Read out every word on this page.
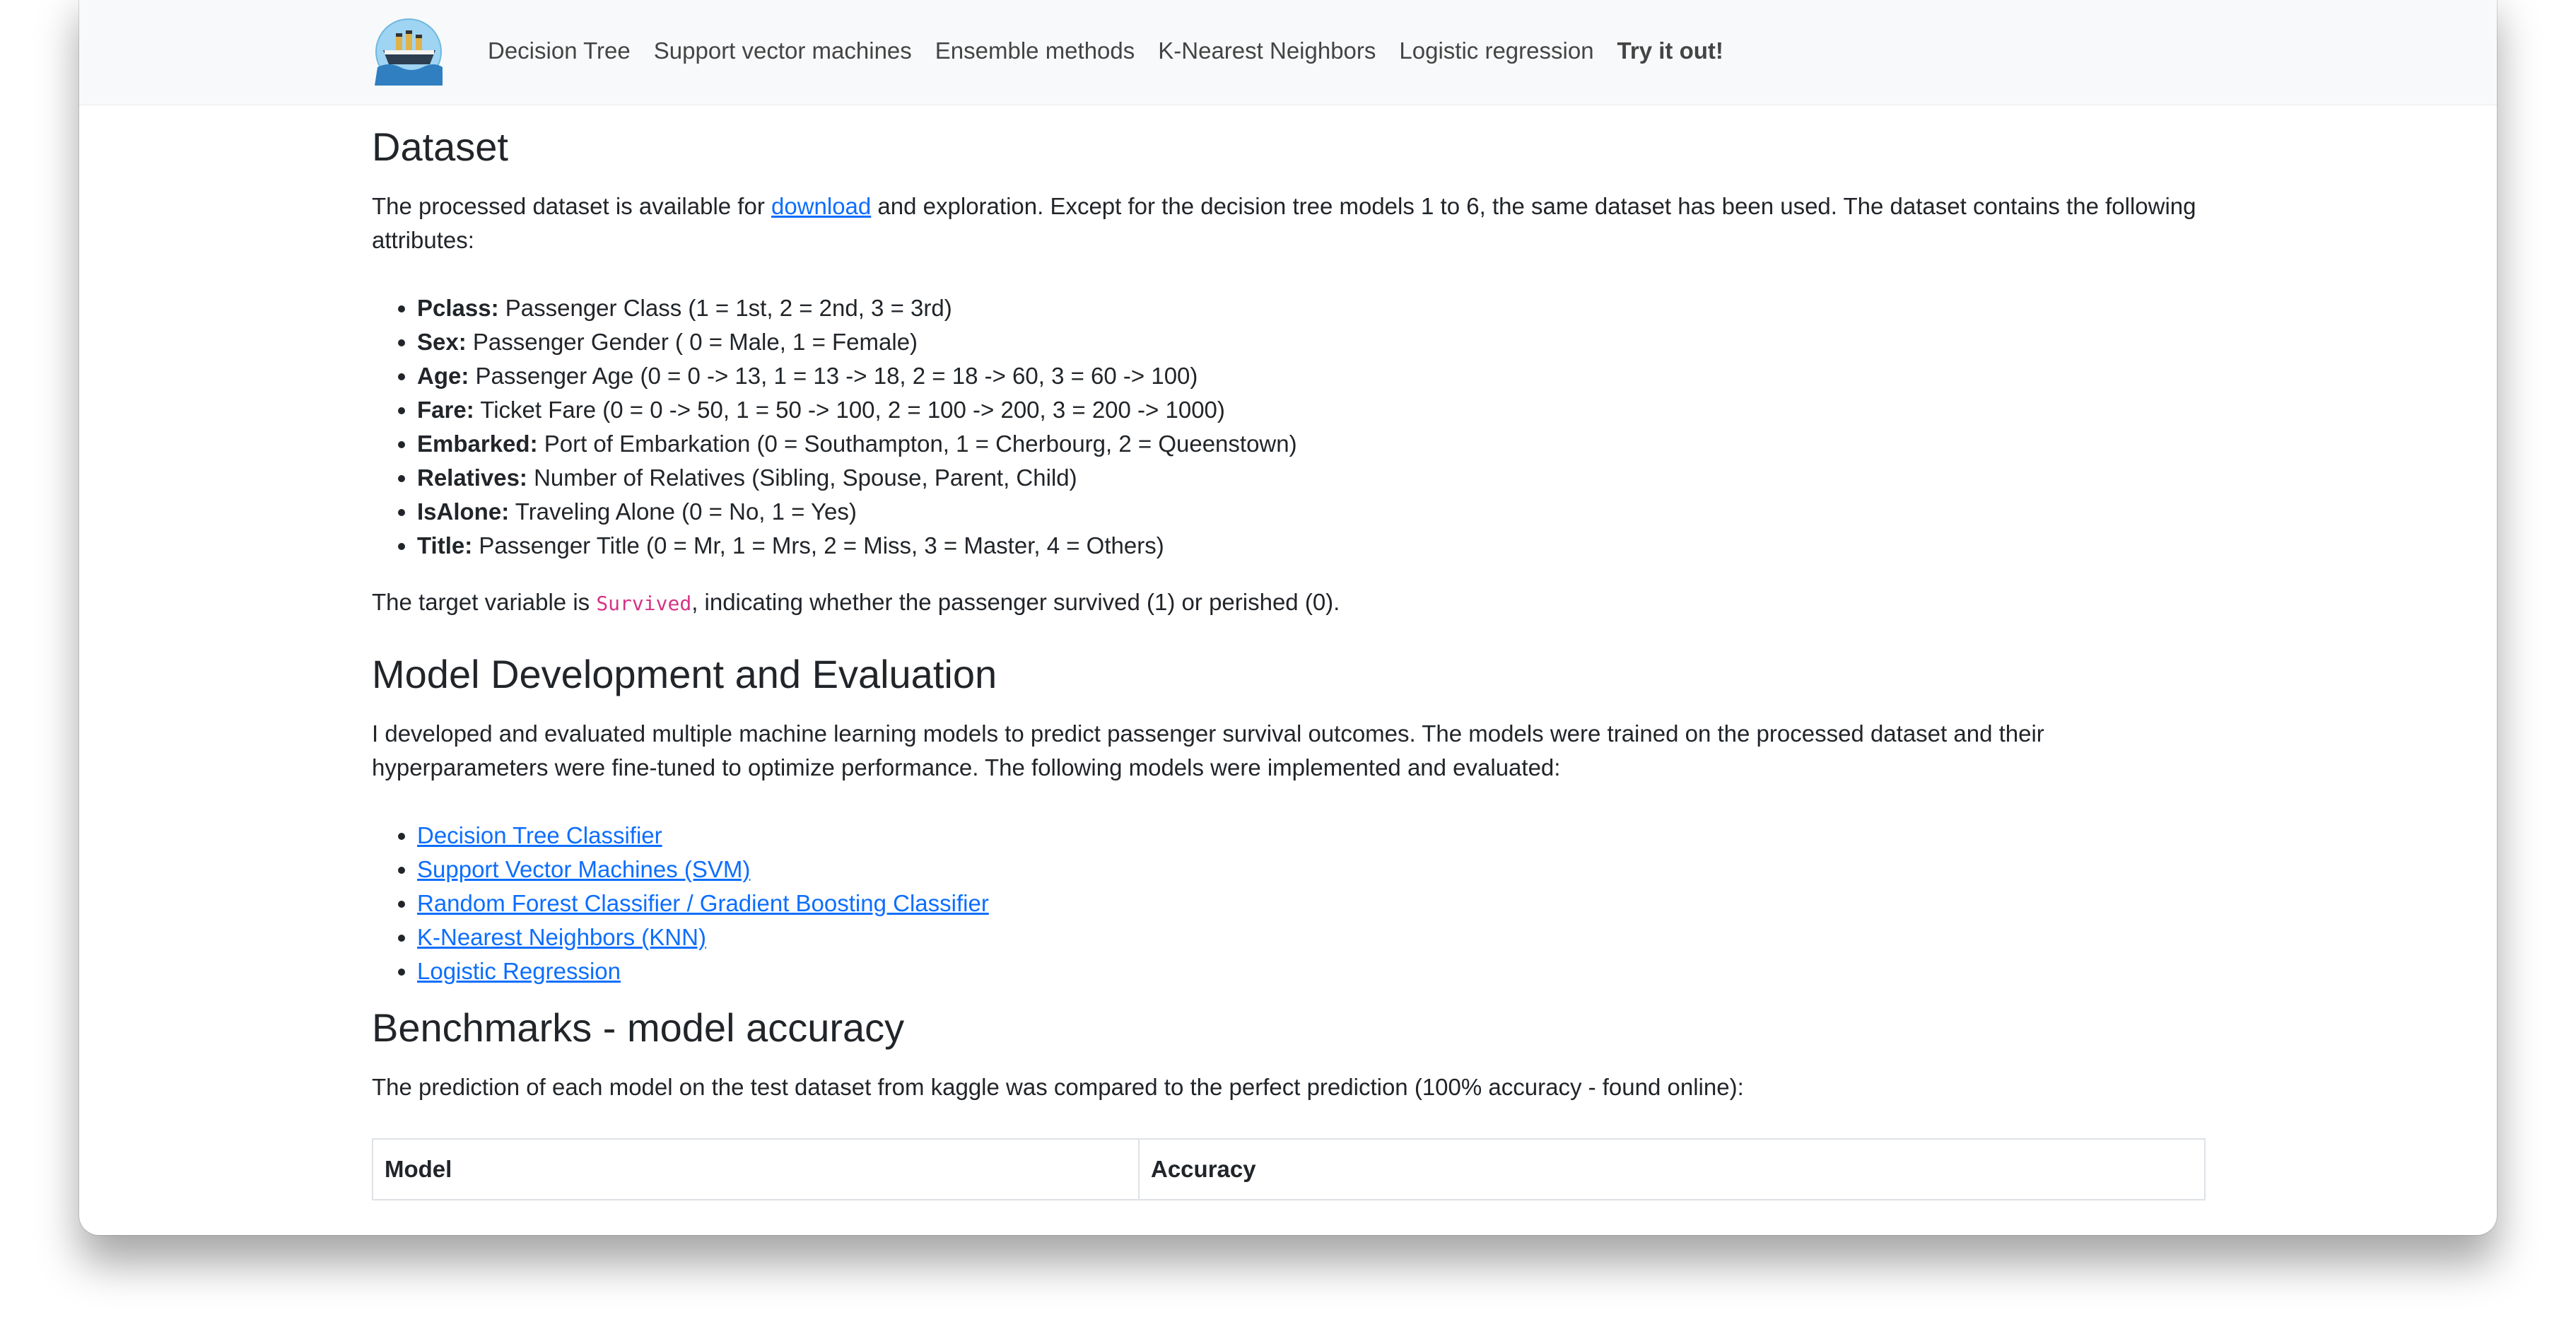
Decision Tree Support vector machines Ensemble methods K-Nearest Neighbors Logistic regression Try it out!
Dataset

The processed dataset is available for download and exploration. Except for the decision tree models 1 to 6, the same dataset has been used. The dataset contains the following attributes:

• Pclass: Passenger Class (1 = 1st, 2 = 2nd, 3 = 3rd)
• Sex: Passenger Gender ( 0 = Male, 1 = Female)
• Age: Passenger Age (0 = 0 -> 13, 1 = 13 -> 18, 2 = 18 -> 60, 3 = 60 -> 100)
• Fare: Ticket Fare (0 = 0 -> 50, 1 = 50 -> 100, 2 = 100 -> 200, 3 = 200 -> 1000)
• Embarked: Port of Embarkation (0 = Southampton, 1 = Cherbourg, 2 = Queenstown)
• Relatives: Number of Relatives (Sibling, Spouse, Parent, Child)
• IsAlone: Traveling Alone (0 = No, 1 = Yes)
• Title: Passenger Title (0 = Mr, 1 = Mrs, 2 = Miss, 3 = Master, 4 = Others)

The target variable is Survived, indicating whether the passenger survived (1) or perished (0).

Model Development and Evaluation

I developed and evaluated multiple machine learning models to predict passenger survival outcomes. The models were trained on the processed dataset and their hyperparameters were fine-tuned to optimize performance. The following models were implemented and evaluated:

• Decision Tree Classifier
• Support Vector Machines (SVM)
• Random Forest Classifier / Gradient Boosting Classifier
• K-Nearest Neighbors (KNN)
• Logistic Regression
Benchmarks - model accuracy

The prediction of each model on the test dataset from kaggle was compared to the perfect prediction (100% accuracy - found online):

Model	Accuracy
